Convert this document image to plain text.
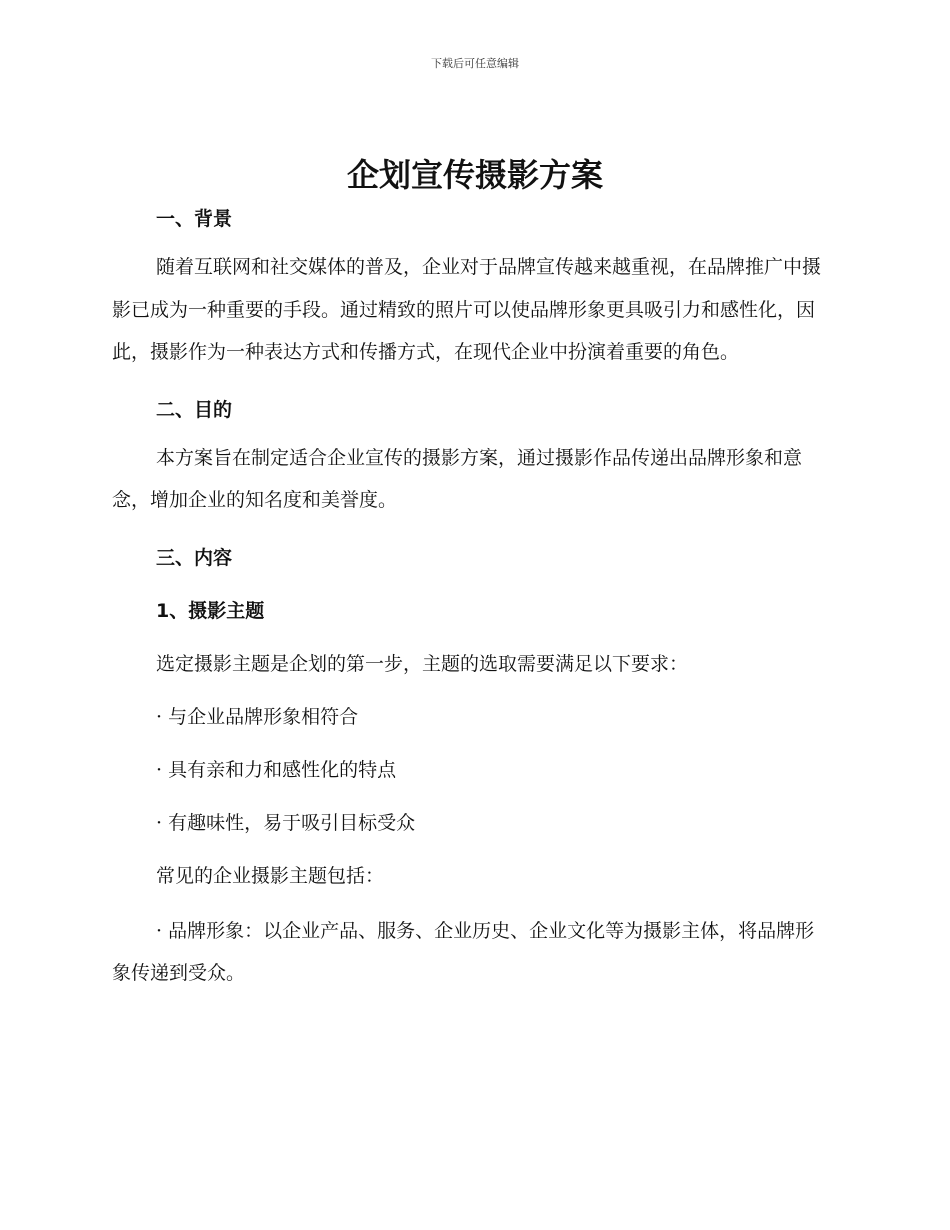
下载后可任意编辑
企划宣传摄影方案
一、背景

随着互联网和社交媒体的普及，企业对于品牌宣传越来越重视，在品牌推广中摄影已成为一种重要的手段。通过精致的照片可以使品牌形象更具吸引力和感性化，因此，摄影作为一种表达方式和传播方式，在现代企业中扮演着重要的角色。

二、目的

本方案旨在制定适合企业宣传的摄影方案，通过摄影作品传递出品牌形象和意念，增加企业的知名度和美誉度。

三、内容
1、摄影主题

选定摄影主题是企划的第一步，主题的选取需要满足以下要求：

· 与企业品牌形象相符合

· 具有亲和力和感性化的特点

· 有趣味性，易于吸引目标受众

常见的企业摄影主题包括：

· 品牌形象：以企业产品、服务、企业历史、企业文化等为摄影主体，将品牌形象传递到受众。
